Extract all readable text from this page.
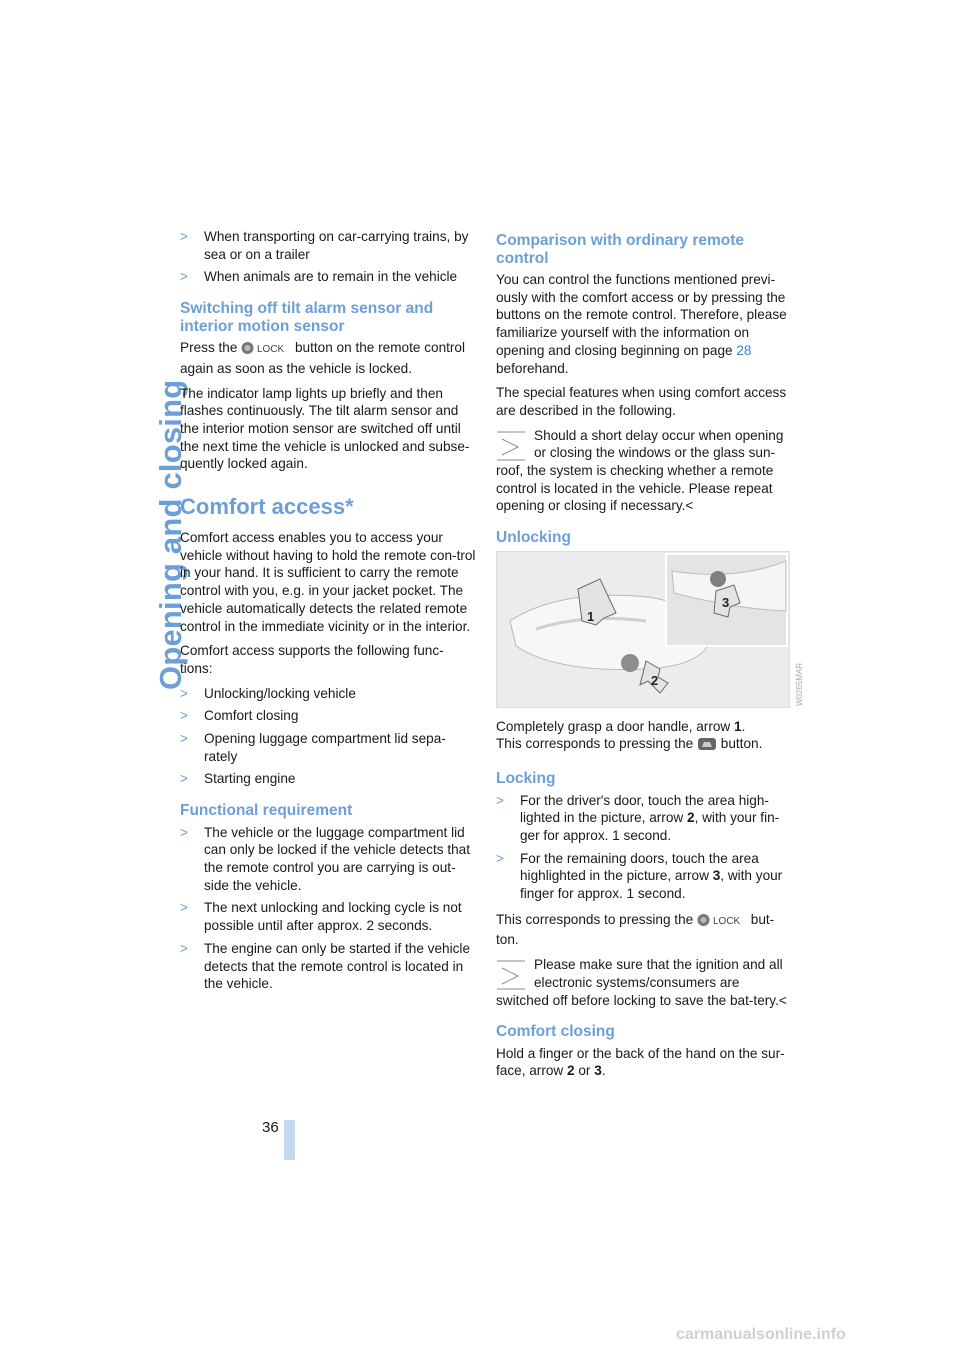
Opening and closing
36
> When transporting on car-carrying trains, by sea or on a trailer
> When animals are to remain in the vehicle
Switching off tilt alarm sensor and interior motion sensor

Press the LOCK button on the remote control again as soon as the vehicle is locked.

The indicator lamp lights up briefly and then flashes continuously. The tilt alarm sensor and the interior motion sensor are switched off until the next time the vehicle is unlocked and subse-quently locked again.

Comfort access*

Comfort access enables you to access your vehicle without having to hold the remote con-trol in your hand. It is sufficient to carry the remote control with you, e.g. in your jacket pocket. The vehicle automatically detects the related remote control in the immediate vicinity or in the interior.

Comfort access supports the following func-tions:

> Unlocking/locking vehicle
> Comfort closing
> Opening luggage compartment lid sepa-rately
> Starting engine
Functional requirement
> The vehicle or the luggage compartment lid can only be locked if the vehicle detects that the remote control you are carrying is out-side the vehicle.
> The next unlocking and locking cycle is not possible until after approx. 2 seconds.
> The engine can only be started if the vehicle detects that the remote control is located in the vehicle.
Comparison with ordinary remote control

You can control the functions mentioned previ-ously with the comfort access or by pressing the buttons on the remote control. Therefore, please familiarize yourself with the information on opening and closing beginning on page 28 beforehand.

The special features when using comfort access are described in the following.

Should a short delay occur when opening or closing the windows or the glass sun-roof, the system is checking whether a remote control is located in the vehicle. Please repeat opening or closing if necessary.<
Unlocking
1
2
3

Completely grasp a door handle, arrow 1.
This corresponds to pressing the button.

Locking
> For the driver's door, touch the area high-lighted in the picture, arrow 2, with your fin-ger for approx. 1 second.
> For the remaining doors, touch the area highlighted in the picture, arrow 3, with your finger for approx. 1 second.

This corresponds to pressing the LOCK but-ton.

Please make sure that the ignition and all electronic systems/consumers are switched off before locking to save the bat-tery.<
Comfort closing

Hold a finger or the back of the hand on the sur-face, arrow 2 or 3.

W0265MAR
carmanualsonline.info
